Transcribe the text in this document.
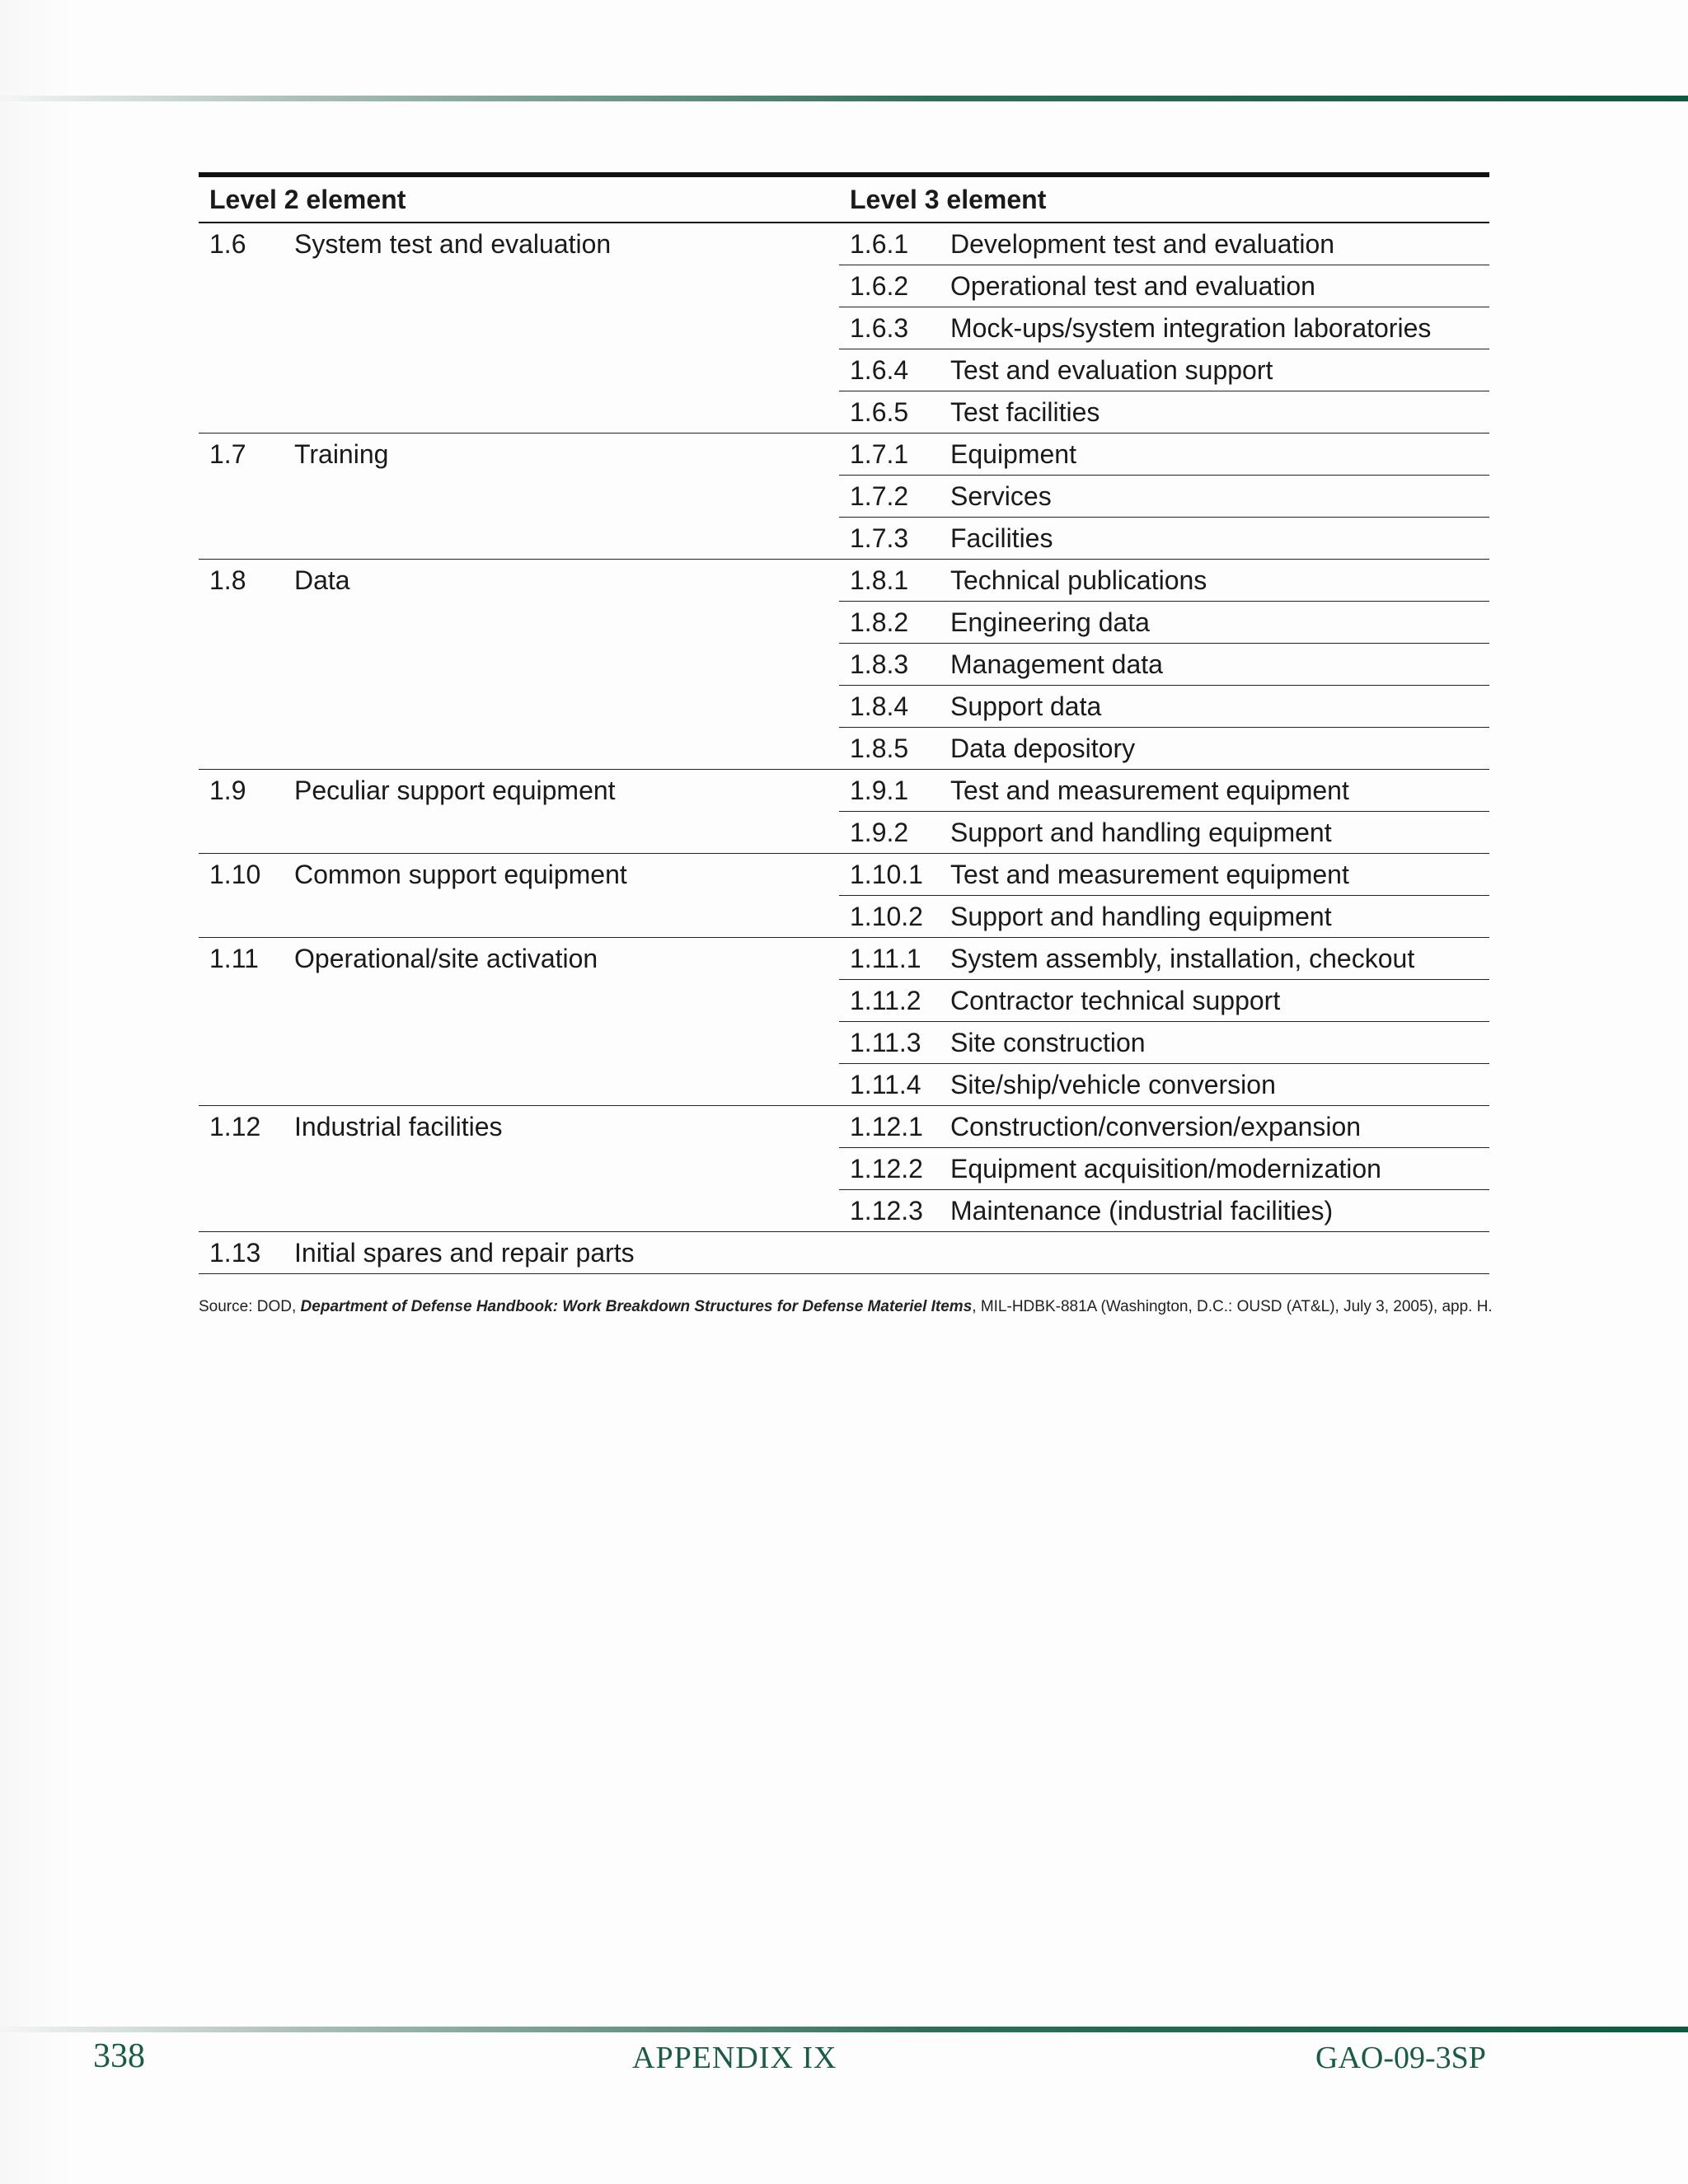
Level 2 element	Level 3 element
1.6	System test and evaluation	1.6.1	Development test and evaluation
1.6.2	Operational test and evaluation
1.6.3	Mock-ups/system integration laboratories
1.6.4	Test and evaluation support
1.6.5	Test facilities
1.7	Training	1.7.1	Equipment
1.7.2	Services
1.7.3	Facilities
1.8	Data	1.8.1	Technical publications
1.8.2	Engineering data
1.8.3	Management data
1.8.4	Support data
1.8.5	Data depository
1.9	Peculiar support equipment	1.9.1	Test and measurement equipment
1.9.2	Support and handling equipment
1.10	Common support equipment	1.10.1	Test and measurement equipment
1.10.2	Support and handling equipment
1.11	Operational/site activation	1.11.1	System assembly, installation, checkout
1.11.2	Contractor technical support
1.11.3	Site construction
1.11.4	Site/ship/vehicle conversion
1.12	Industrial facilities	1.12.1	Construction/conversion/expansion
1.12.2	Equipment acquisition/modernization
1.12.3	Maintenance (industrial facilities)
1.13	Initial spares and repair parts
Source: DOD, Department of Defense Handbook: Work Breakdown Structures for Defense Materiel Items, MIL-HDBK-881A (Washington, D.C.: OUSD (AT&L), July 3, 2005), app. H.
338	APPENDIX IX	GAO-09-3SP
